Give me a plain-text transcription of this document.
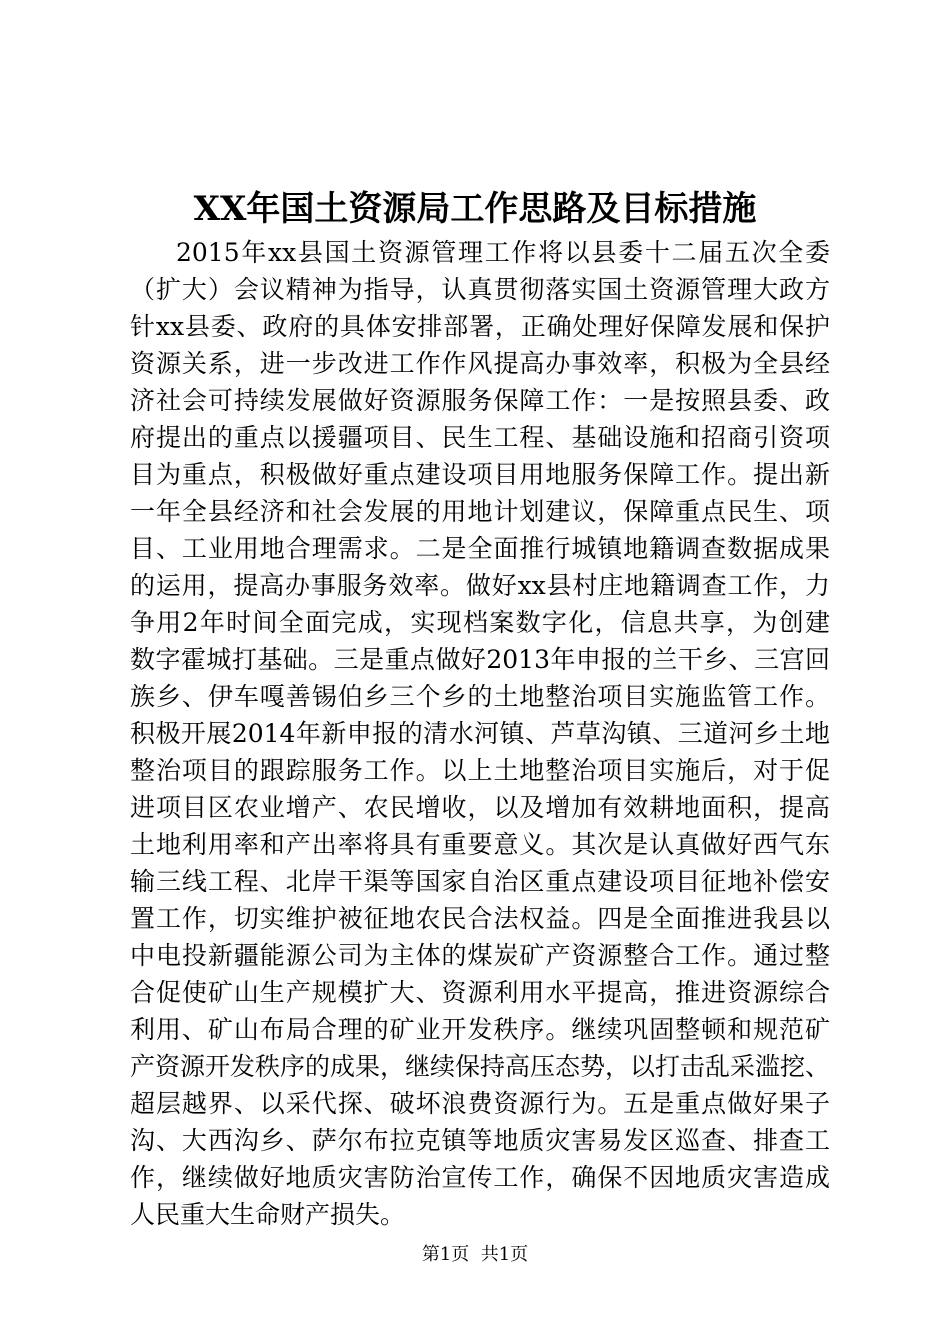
XX年国土资源局工作思路及目标措施
2015年xx县国土资源管理工作将以县委十二届五次全委
（扩大）会议精神为指导，认真贯彻落实国土资源管理大政方
针xx县委、政府的具体安排部署，正确处理好保障发展和保护
资源关系，进一步改进工作作风提高办事效率，积极为全县经
济社会可持续发展做好资源服务保障工作：一是按照县委、政
府提出的重点以援疆项目、民生工程、基础设施和招商引资项
目为重点，积极做好重点建设项目用地服务保障工作。提出新
一年全县经济和社会发展的用地计划建议，保障重点民生、项
目、工业用地合理需求。二是全面推行城镇地籍调查数据成果
的运用，提高办事服务效率。做好xx县村庄地籍调查工作，力
争用2年时间全面完成，实现档案数字化，信息共享，为创建
数字霍城打基础。三是重点做好2013年申报的兰干乡、三宫回
族乡、伊车嘎善锡伯乡三个乡的土地整治项目实施监管工作。
积极开展2014年新申报的清水河镇、芦草沟镇、三道河乡土地
整治项目的跟踪服务工作。以上土地整治项目实施后，对于促
进项目区农业增产、农民增收，以及增加有效耕地面积，提高
土地利用率和产出率将具有重要意义。其次是认真做好西气东
输三线工程、北岸干渠等国家自治区重点建设项目征地补偿安
置工作，切实维护被征地农民合法权益。四是全面推进我县以
中电投新疆能源公司为主体的煤炭矿产资源整合工作。通过整
合促使矿山生产规模扩大、资源利用水平提高，推进资源综合
利用、矿山布局合理的矿业开发秩序。继续巩固整顿和规范矿
产资源开发秩序的成果，继续保持高压态势，以打击乱采滥挖、
超层越界、以采代探、破坏浪费资源行为。五是重点做好果子
沟、大西沟乡、萨尔布拉克镇等地质灾害易发区巡查、排查工
作，继续做好地质灾害防治宣传工作，确保不因地质灾害造成
人民重大生命财产损失。
第1页  共1页
